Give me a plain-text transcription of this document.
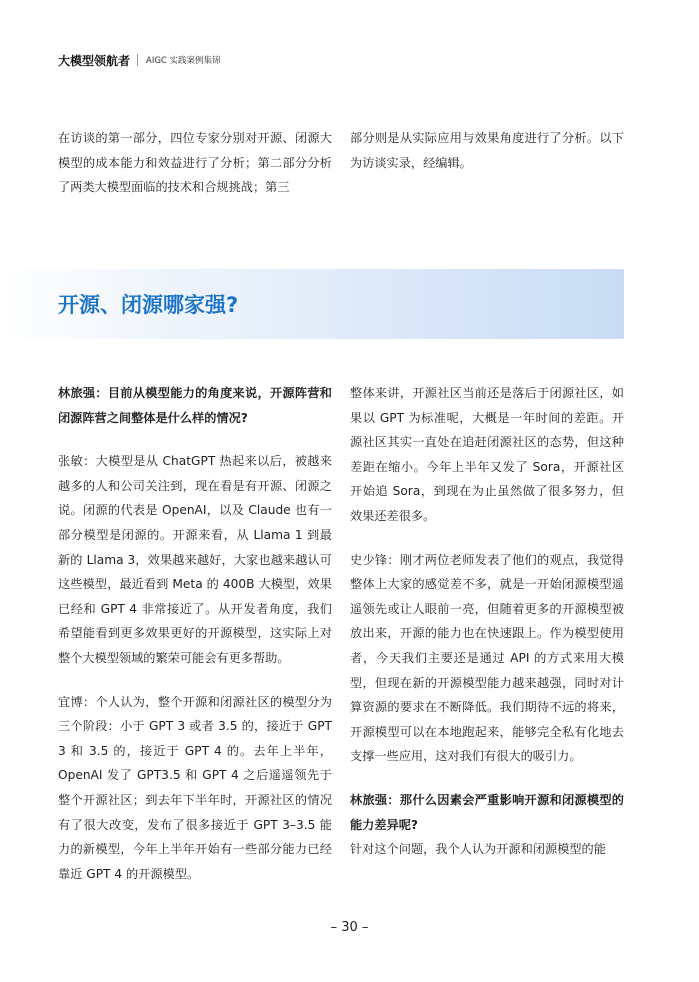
大模型领航者 AIGC 实践案例集锦

在访谈的第一部分，四位专家分别对开源、闭源大模型的成本能力和效益进行了分析；第二部分分析了两类大模型面临的技术和合规挑战；第三

部分则是从实际应用与效果角度进行了分析。以下为访谈实录，经编辑。

开源、闭源哪家强?

林旅强：目前从模型能力的角度来说，开源阵营和闭源阵营之间整体是什么样的情况?

张敏：大模型是从 ChatGPT 热起来以后，被越来越多的人和公司关注到，现在看是有开源、闭源之说。闭源的代表是 OpenAI，以及 Claude 也有一部分模型是闭源的。开源来看，从 Llama 1 到最新的 Llama 3，效果越来越好，大家也越来越认可这些模型，最近看到 Meta 的 400B 大模型，效果已经和 GPT 4 非常接近了。从开发者角度，我们希望能看到更多效果更好的开源模型，这实际上对整个大模型领域的繁荣可能会有更多帮助。

宜博：个人认为，整个开源和闭源社区的模型分为三个阶段：小于 GPT 3 或者 3.5 的，接近于 GPT 3 和 3.5 的，接近于 GPT 4 的。去年上半年，OpenAI 发了 GPT3.5 和 GPT 4 之后遥遥领先于整个开源社区；到去年下半年时，开源社区的情况有了很大改变，发布了很多接近于 GPT 3–3.5 能力的新模型，今年上半年开始有一些部分能力已经靠近 GPT 4 的开源模型。

整体来讲，开源社区当前还是落后于闭源社区，如果以 GPT 为标准呢，大概是一年时间的差距。开源社区其实一直处在追赶闭源社区的态势，但这种差距在缩小。今年上半年又发了 Sora，开源社区开始追 Sora，到现在为止虽然做了很多努力，但效果还差很多。

史少锋：刚才两位老师发表了他们的观点，我觉得整体上大家的感觉差不多，就是一开始闭源模型遥遥领先或让人眼前一亮，但随着更多的开源模型被放出来，开源的能力也在快速跟上。作为模型使用者，今天我们主要还是通过 API 的方式来用大模型，但现在新的开源模型能力越来越强，同时对计算资源的要求在不断降低。我们期待不远的将来，开源模型可以在本地跑起来，能够完全私有化地去支撑一些应用，这对我们有很大的吸引力。

林旅强：那什么因素会严重影响开源和闭源模型的能力差异呢?

针对这个问题，我个人认为开源和闭源模型的能

– 30 –
